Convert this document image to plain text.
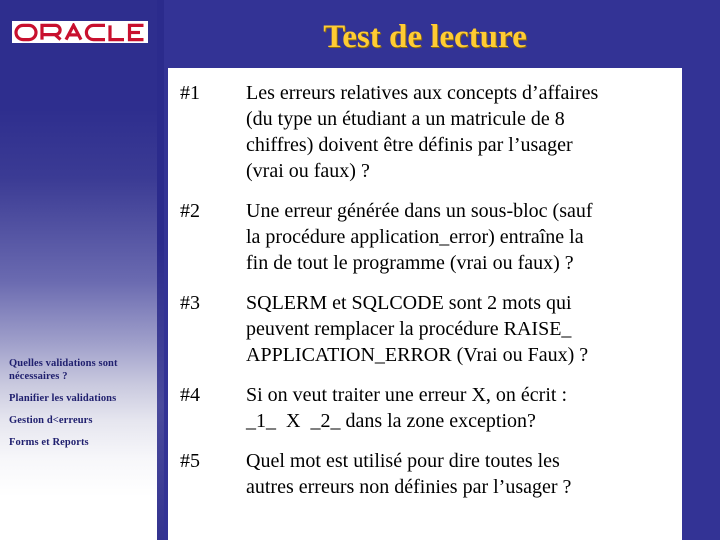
Quelles validations sont nécessaires ?
Planifier les validations
Gestion d<erreurs
Forms et Reports
Test de lecture
#1	Les erreurs relatives aux concepts d’affaires
(du type un étudiant a un matricule de 8
chiffres) doivent être définis par l’usager
(vrai ou faux) ?
#2	Une erreur générée dans un sous-bloc (sauf
la procédure application_error) entraîne la
fin de tout le programme (vrai ou faux) ?
#3	SQLERM et SQLCODE sont 2 mots qui
peuvent remplacer la procédure RAISE_
APPLICATION_ERROR (Vrai ou Faux) ?
#4	Si on veut traiter une erreur X, on écrit :
_1_  X  _2_ dans la zone exception?
#5	Quel mot est utilisé pour dire toutes les
autres erreurs non définies par l’usager ?
